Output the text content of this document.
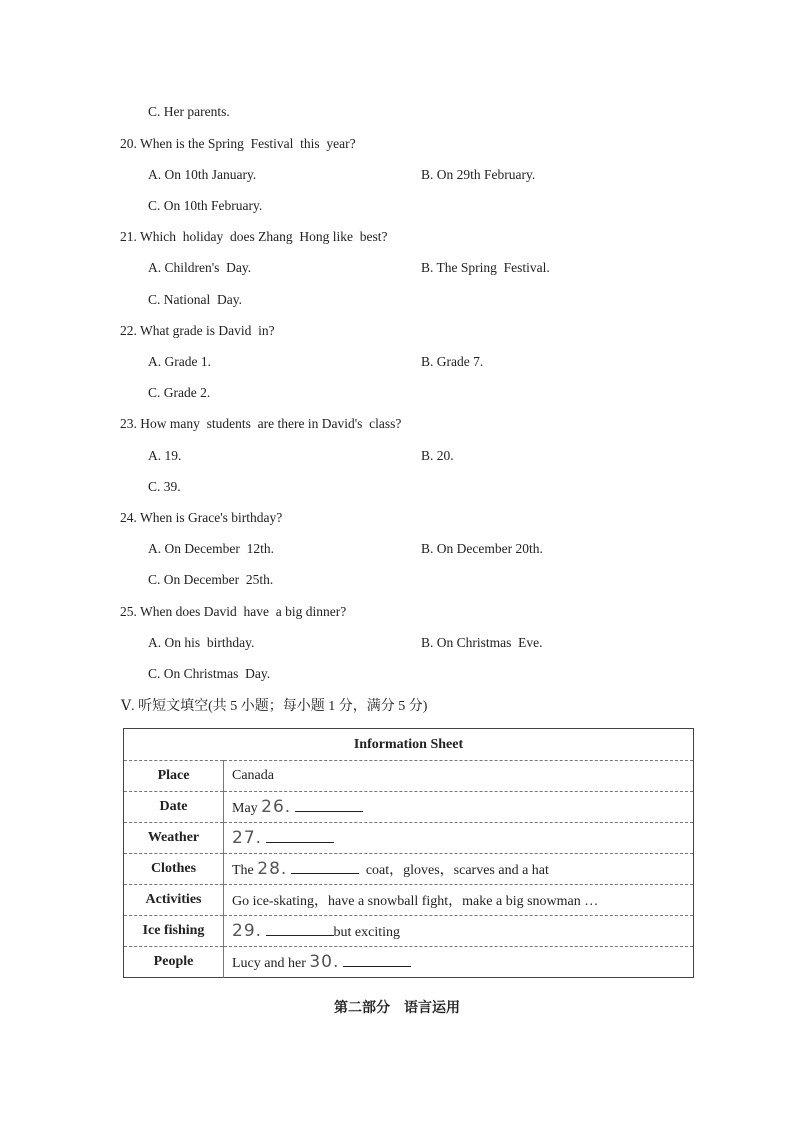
C. Her parents.
20. When is the Spring  Festival  this  year?
A. On 10th January.	B. On 29th February.
C. On 10th February.
21. Which  holiday  does Zhang  Hong like  best?
A. Children's  Day.	B. The Spring  Festival.
C. National  Day.
22. What grade is David  in?
A. Grade 1.	B. Grade 7.
C. Grade 2.
23. How many  students  are there in David's  class?
A. 19.	B. 20.
C. 39.
24. When is Grace's birthday?
A. On December  12th.	B. On December 20th.
C. On December  25th.
25. When does David  have  a big dinner?
A. On his  birthday.	B. On Christmas  Eve.
C. On Christmas  Day.
Ⅴ. 听短文填空(共 5 小题；每小题 1 分，满分 5 分)
Information Sheet	
Place	Canada
Date	May 26.
Weather	27.
Clothes	The 28. coat，gloves，scarves and a hat
Activities	Go ice-skating，have a snowball fight，make a big snowman …
Ice fishing	29. but exciting
People	Lucy and her 30.
第二部分    语言运用
